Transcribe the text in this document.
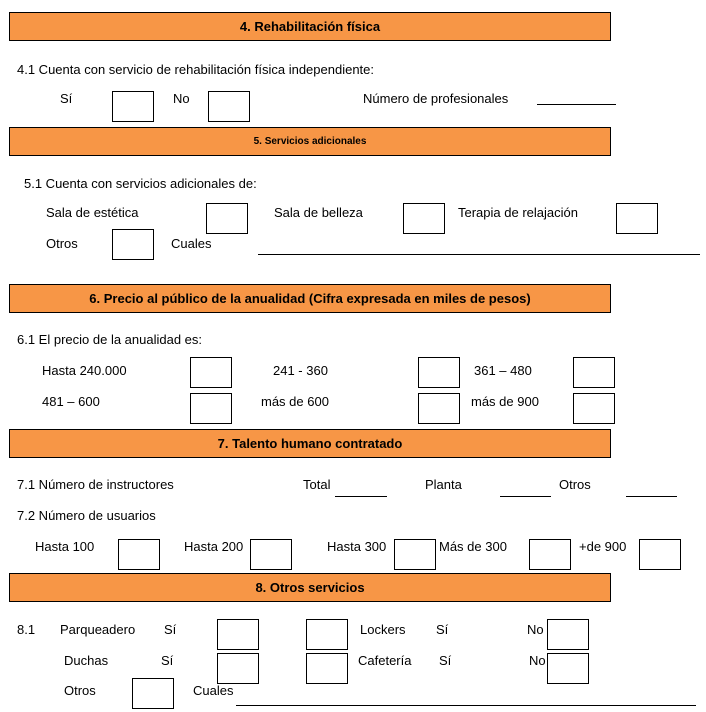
4. Rehabilitación física
4.1 Cuenta con servicio de rehabilitación física independiente:
Sí	No	Número de profesionales
5. Servicios adicionales
5.1 Cuenta con servicios adicionales de:
Sala de estética	Sala de belleza	Terapia de relajación
Otros	Cuales
6. Precio al público de la anualidad (Cifra expresada en miles de pesos)
6.1 El precio de la anualidad es:
Hasta 240.000	241 - 360	361 – 480
481 – 600	más de 600	más de 900
7. Talento humano contratado
7.1 Número de instructores	Total	Planta	Otros
7.2 Número de usuarios
Hasta 100	Hasta 200	Hasta 300	Más de 300	+de 900
8. Otros servicios
8.1 Parqueadero Sí	Lockers Sí	No
Duchas	Sí	Cafetería Sí	No
Otros	Cuales
